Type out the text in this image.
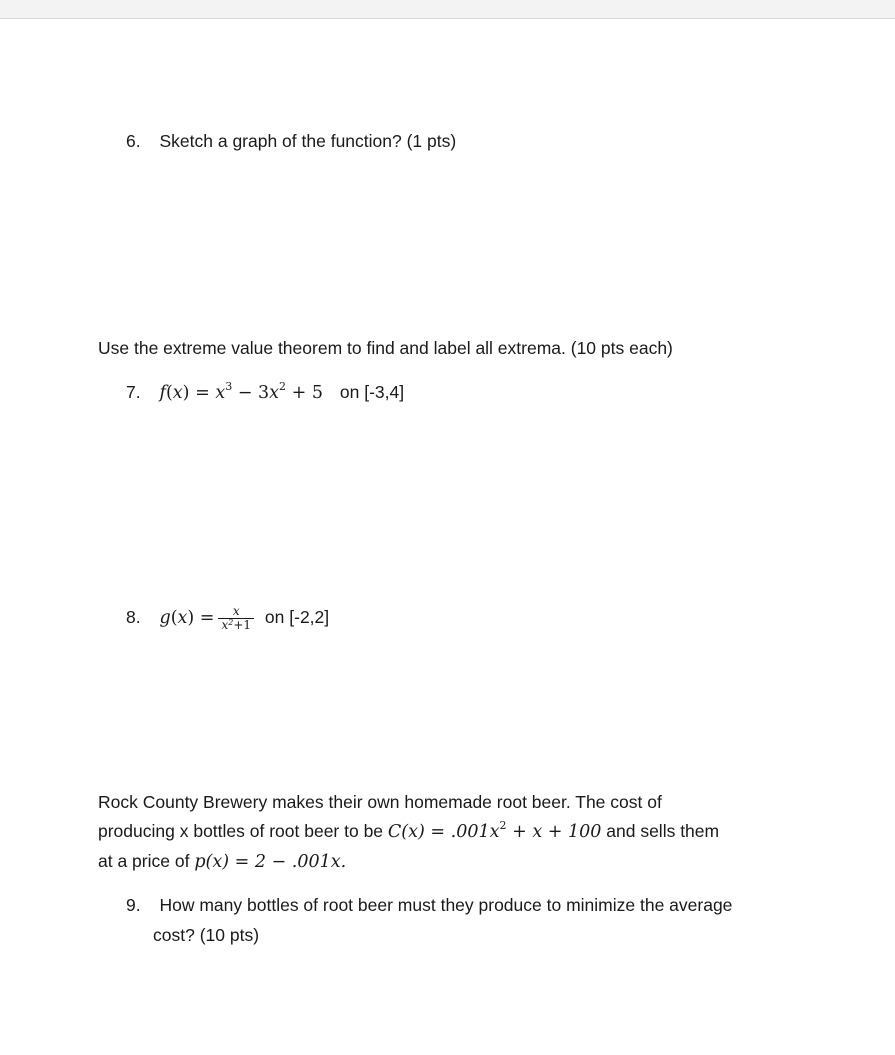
6. Sketch a graph of the function? (1 pts)
Use the extreme value theorem to find and label all extrema. (10 pts each)
7. $f(x) = x^3 - 3x^2 + 5$ on [-3,4]
8. $g(x) = \frac{x}{x^2+1}$ on [-2,2]
Rock County Brewery makes their own homemade root beer. The cost of
producing x bottles of root beer to be $C(x) = .001x^2 + x + 100$ and sells them
at a price of p(x) = 2 − .001x.
9. How many bottles of root beer must they produce to minimize the average
cost? (10 pts)
